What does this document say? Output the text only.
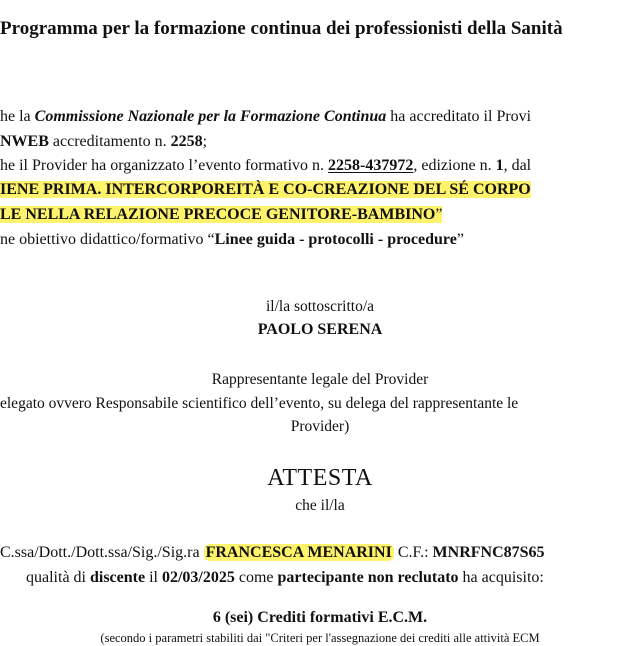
Programma per la formazione continua dei professionisti della Sanità
he la Commissione Nazionale per la Formazione Continua ha accreditato il Provi
NWEB accreditamento n. 2258;
he il Provider ha organizzato l’evento formativo n. 2258-437972, edizione n. 1, dal
IENE PRIMA. INTERCORPOREITÀ E CO-CREAZIONE DEL SÉ CORPO
LE NELLA RELAZIONE PRECOCE GENITORE-BAMBINO”
ne obiettivo didattico/formativo “Linee guida - protocolli - procedure”
il/la sottoscritto/a
PAOLO SERENA
Rappresentante legale del Provider
elegato ovvero Responsabile scientifico dell’evento, su delega del rappresentante le
Provider)
ATTESTA
che il/la
C.ssa/Dott./Dott.ssa/Sig./Sig.ra FRANCESCA MENARINI C.F.: MNRFNC87S65
qualità di discente il 02/03/2025 come partecipante non reclutato ha acquisito:
6 (sei) Crediti formativi E.C.M.
(secondo i parametri stabiliti dai "Criteri per l'assegnazione dei crediti alle attività ECM
